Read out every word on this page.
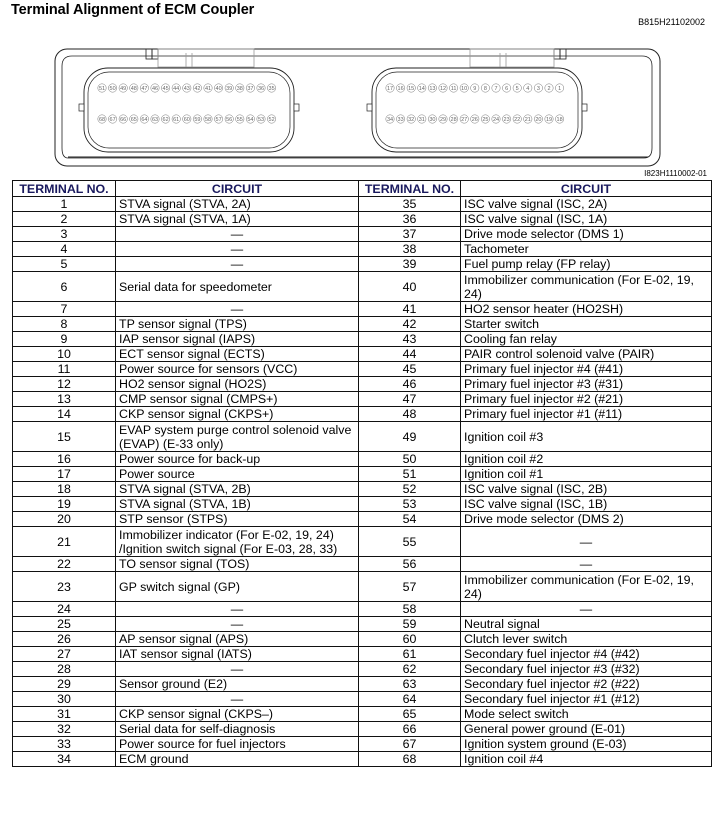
Terminal Alignment of ECM Coupler
B815H21102002
51 50 49 48 47 46 45 44 43 42 41 40 39 38 37 36 35
68 67 66 65 64 63 62 61 60 59 58 57 56 55 54 53 52
17 16 15 14 13 12 11 10 9 8 7 6 5 4 3 2 1
34 33 32 31 30 29 28 27 26 25 24 23 22 21 20 19 18
I823H1110002-01
TERMINAL NO.	CIRCUIT	TERMINAL NO.	CIRCUIT
1	STVA signal (STVA, 2A)	35	ISC valve signal (ISC, 2A)
2	STVA signal (STVA, 1A)	36	ISC valve signal (ISC, 1A)
3	—	37	Drive mode selector (DMS 1)
4	—	38	Tachometer
5	—	39	Fuel pump relay (FP relay)
6	Serial data for speedometer	40	Immobilizer communication (For E-02, 19, 24)
7	—	41	HO2 sensor heater (HO2SH)
8	TP sensor signal (TPS)	42	Starter switch
9	IAP sensor signal (IAPS)	43	Cooling fan relay
10	ECT sensor signal (ECTS)	44	PAIR control solenoid valve (PAIR)
11	Power source for sensors (VCC)	45	Primary fuel injector #4 (#41)
12	HO2 sensor signal (HO2S)	46	Primary fuel injector #3 (#31)
13	CMP sensor signal (CMPS+)	47	Primary fuel injector #2 (#21)
14	CKP sensor signal (CKPS+)	48	Primary fuel injector #1 (#11)
15	EVAP system purge control solenoid valve (EVAP) (E-33 only)	49	Ignition coil #3
16	Power source for back-up	50	Ignition coil #2
17	Power source	51	Ignition coil #1
18	STVA signal (STVA, 2B)	52	ISC valve signal (ISC, 2B)
19	STVA signal (STVA, 1B)	53	ISC valve signal (ISC, 1B)
20	STP sensor (STPS)	54	Drive mode selector (DMS 2)
21	Immobilizer indicator (For E-02, 19, 24) /Ignition switch signal (For E-03, 28, 33)	55	—
22	TO sensor signal (TOS)	56	—
23	GP switch signal (GP)	57	Immobilizer communication (For E-02, 19, 24)
24	—	58	—
25	—	59	Neutral signal
26	AP sensor signal (APS)	60	Clutch lever switch
27	IAT sensor signal (IATS)	61	Secondary fuel injector #4 (#42)
28	—	62	Secondary fuel injector #3 (#32)
29	Sensor ground (E2)	63	Secondary fuel injector #2 (#22)
30	—	64	Secondary fuel injector #1 (#12)
31	CKP sensor signal (CKPS–)	65	Mode select switch
32	Serial data for self-diagnosis	66	General power ground (E-01)
33	Power source for fuel injectors	67	Ignition system ground (E-03)
34	ECM ground	68	Ignition coil #4
